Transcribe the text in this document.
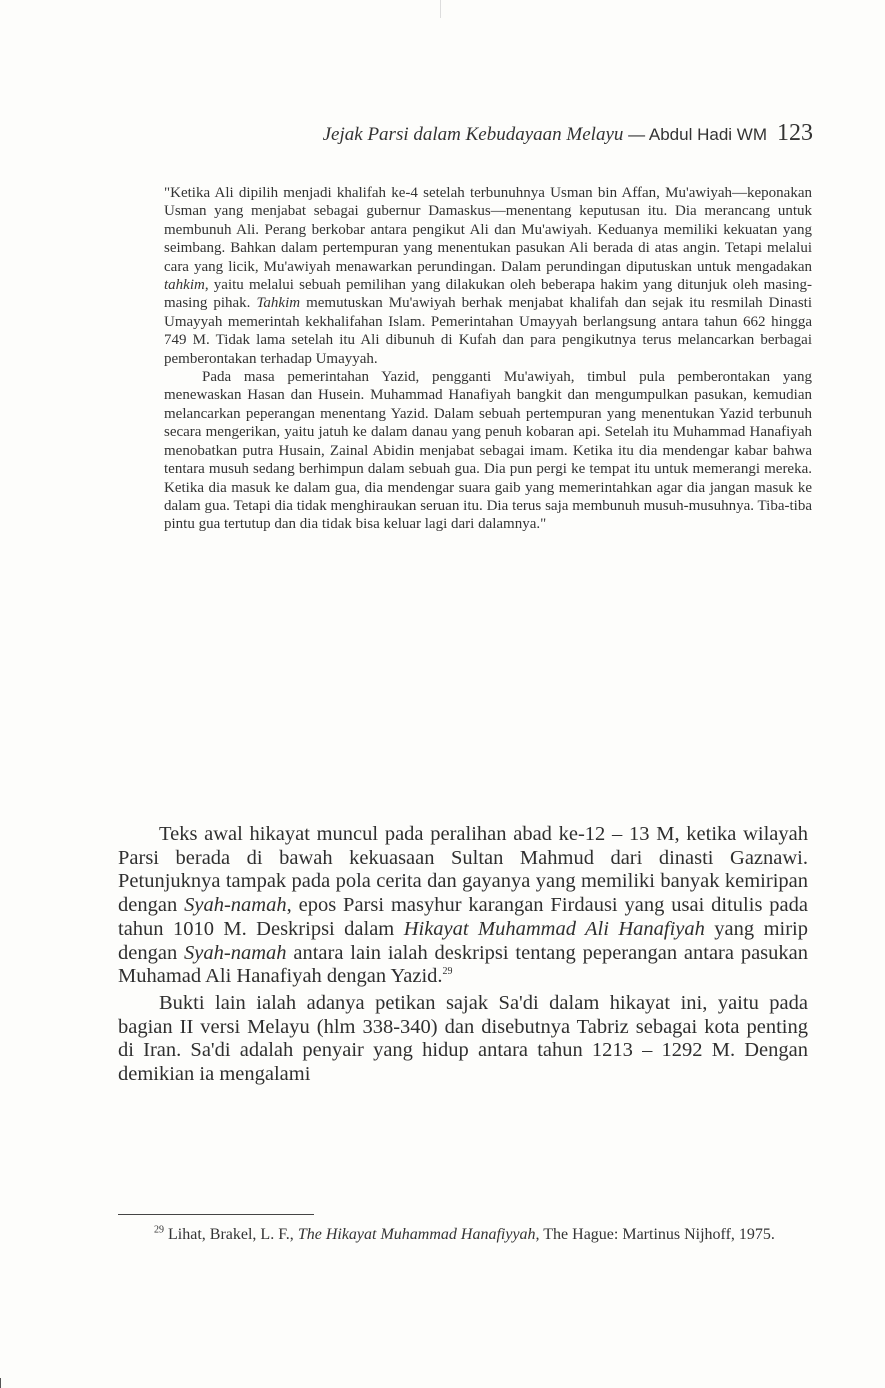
Jejak Parsi dalam Kebudayaan Melayu — Abdul Hadi WM 123

"Ketika Ali dipilih menjadi khalifah ke-4 setelah terbunuhnya Usman bin Affan, Mu'awiyah—keponakan Usman yang menjabat sebagai gubernur Damaskus—menentang keputusan itu. Dia merancang untuk membunuh Ali. Perang berkobar antara pengikut Ali dan Mu'awiyah. Keduanya memiliki kekuatan yang seimbang. Bahkan dalam pertempuran yang menentukan pasukan Ali berada di atas angin. Tetapi melalui cara yang licik, Mu'awiyah menawarkan perundingan. Dalam perundingan diputuskan untuk mengadakan tahkim, yaitu melalui sebuah pemilihan yang dilakukan oleh beberapa hakim yang ditunjuk oleh masing-masing pihak. Tahkim memutuskan Mu'awiyah berhak menjabat khalifah dan sejak itu resmilah Dinasti Umayyah memerintah kekhalifahan Islam. Pemerintahan Umayyah berlangsung antara tahun 662 hingga 749 M. Tidak lama setelah itu Ali dibunuh di Kufah dan para pengikutnya terus melancarkan berbagai pemberontakan terhadap Umayyah.

Pada masa pemerintahan Yazid, pengganti Mu'awiyah, timbul pula pemberontakan yang menewaskan Hasan dan Husein. Muhammad Hanafiyah bangkit dan mengumpulkan pasukan, kemudian melancarkan peperangan menentang Yazid. Dalam sebuah pertempuran yang menentukan Yazid terbunuh secara mengerikan, yaitu jatuh ke dalam danau yang penuh kobaran api. Setelah itu Muhammad Hanafiyah menobatkan putra Husain, Zainal Abidin menjabat sebagai imam. Ketika itu dia mendengar kabar bahwa tentara musuh sedang berhimpun dalam sebuah gua. Dia pun pergi ke tempat itu untuk memerangi mereka. Ketika dia masuk ke dalam gua, dia mendengar suara gaib yang memerintahkan agar dia jangan masuk ke dalam gua. Tetapi dia tidak menghiraukan seruan itu. Dia terus saja membunuh musuh-musuhnya. Tiba-tiba pintu gua tertutup dan dia tidak bisa keluar lagi dari dalamnya."

Teks awal hikayat muncul pada peralihan abad ke-12 – 13 M, ketika wilayah Parsi berada di bawah kekuasaan Sultan Mahmud dari dinasti Gaznawi. Petunjuknya tampak pada pola cerita dan gayanya yang memiliki banyak kemiripan dengan Syah-namah, epos Parsi masyhur karangan Firdausi yang usai ditulis pada tahun 1010 M. Deskripsi dalam Hikayat Muhammad Ali Hanafiyah yang mirip dengan Syah-namah antara lain ialah deskripsi tentang peperangan antara pasukan Muhamad Ali Hanafiyah dengan Yazid.$^{29}$

Bukti lain ialah adanya petikan sajak Sa'di dalam hikayat ini, yaitu pada bagian II versi Melayu (hlm 338-340) dan disebutnya Tabriz sebagai kota penting di Iran. Sa'di adalah penyair yang hidup antara tahun 1213 – 1292 M. Dengan demikian ia mengalami

$^{29}$ Lihat, Brakel, L. F., The Hikayat Muhammad Hanafiyyah, The Hague: Martinus Nijhoff, 1975.
